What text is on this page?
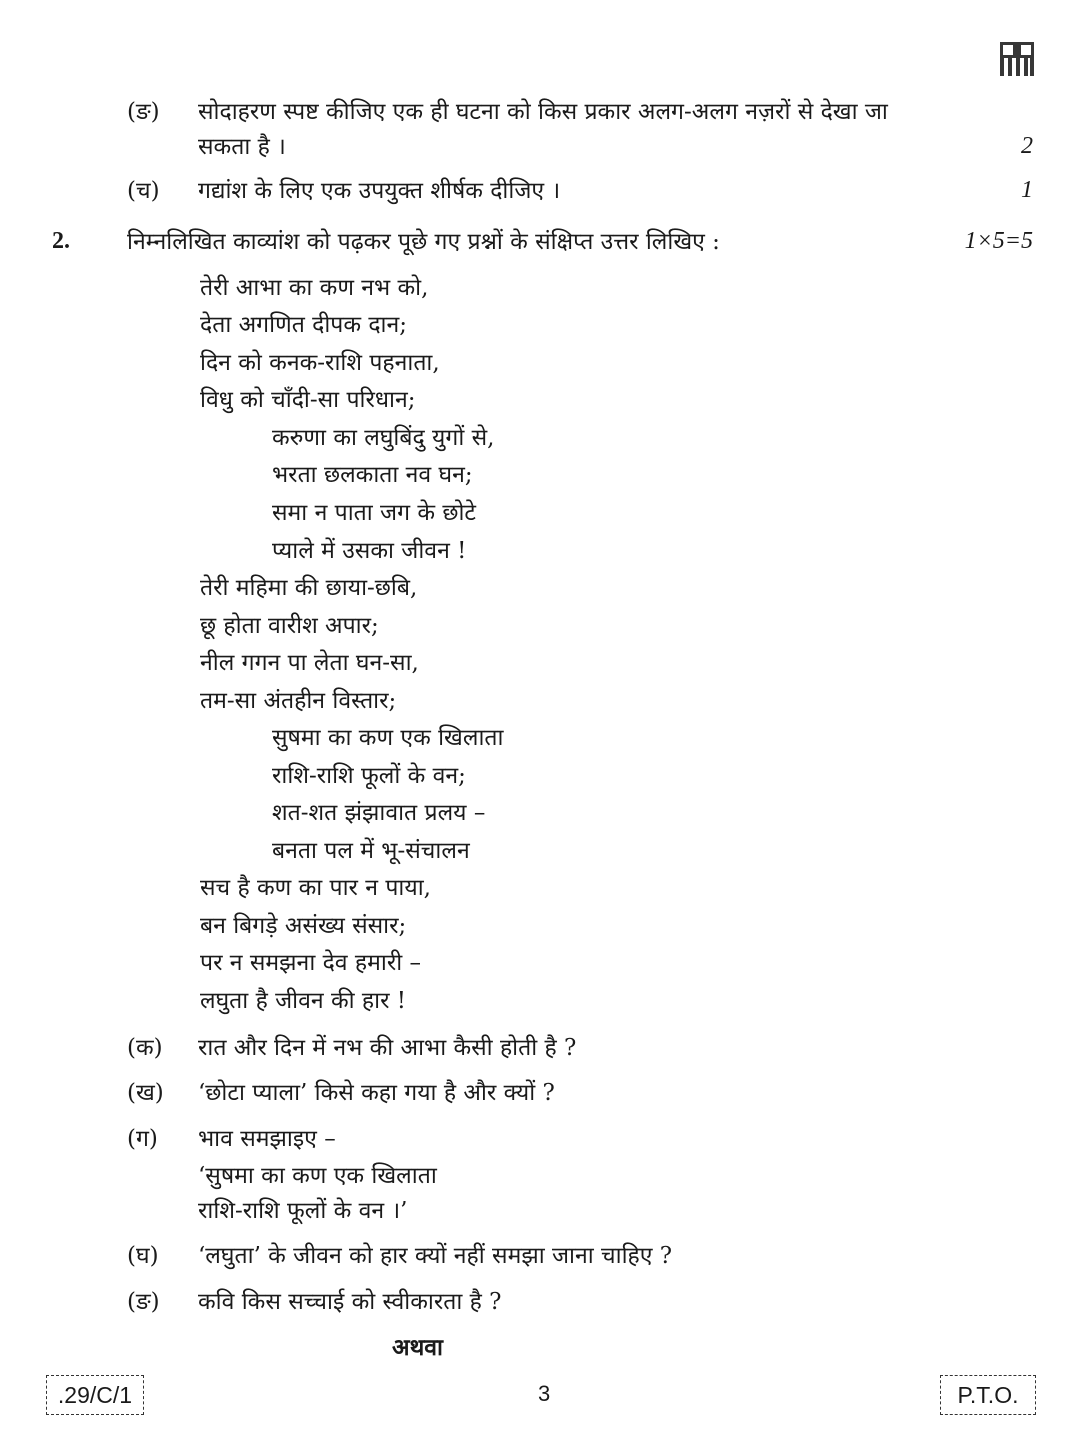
(ङ) सोदाहरण स्पष्ट कीजिए एक ही घटना को किस प्रकार अलग-अलग नज़रों से देखा जा
सकता है ।	2
(च) गद्यांश के लिए एक उपयुक्त शीर्षक दीजिए ।	1
2. निम्नलिखित काव्यांश को पढ़कर पूछे गए प्रश्नों के संक्षिप्त उत्तर लिखिए :	1×5=5
तेरी आभा का कण नभ को,
देता अगणित दीपक दान;
दिन को कनक-राशि पहनाता,
विधु को चाँदी-सा परिधान;
करुणा का लघुबिंदु युगों से,
भरता छलकाता नव घन;
समा न पाता जग के छोटे
प्याले में उसका जीवन !
तेरी महिमा की छाया-छबि,
छू होता वारीश अपार;
नील गगन पा लेता घन-सा,
तम-सा अंतहीन विस्तार;
सुषमा का कण एक खिलाता
राशि-राशि फूलों के वन;
शत-शत झंझावात प्रलय –
बनता पल में भू-संचालन
सच है कण का पार न पाया,
बन बिगड़े असंख्य संसार;
पर न समझना देव हमारी –
लघुता है जीवन की हार !
(क) रात और दिन में नभ की आभा कैसी होती है ?
(ख) ‘छोटा प्याला’ किसे कहा गया है और क्यों ?
(ग) भाव समझाइए –
‘सुषमा का कण एक खिलाता
राशि-राशि फूलों के वन ।’
(घ) ‘लघुता’ के जीवन को हार क्यों नहीं समझा जाना चाहिए ?
(ङ) कवि किस सच्चाई को स्वीकारता है ?
अथवा
.29/C/1	3	P.T.O.
